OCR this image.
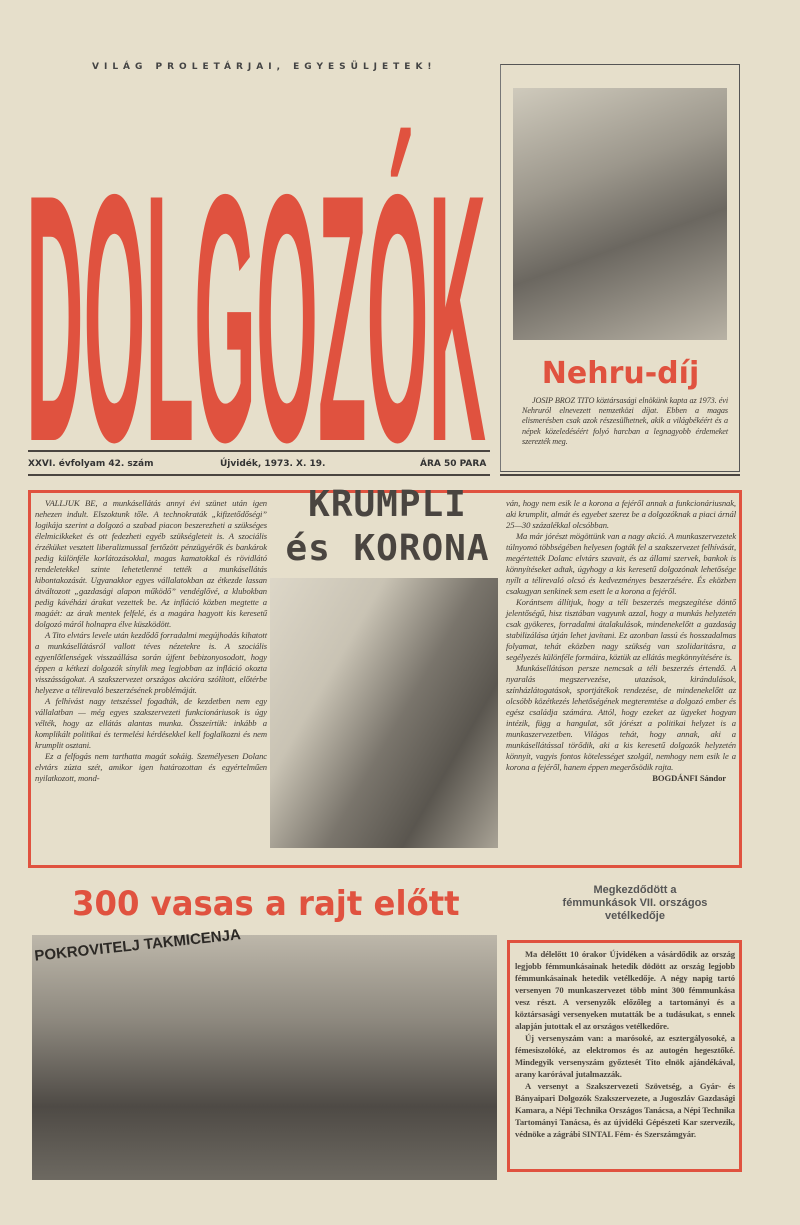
VILÁG PROLETÁRJAI, EGYESÜLJETEK!
DOLGOZÓK
XXVI. évfolyam 42. szám	Újvidék, 1973. X. 19.	ÁRA 50 PARA
Nehru-díj

JOSIP BROZ TITO köztársasági elnökünk kapta az 1973. évi Nehruról elnevezett nemzetközi díjat. Ebben a magas elismerésben csak azok részesülhetnek, akik a világbékéért és a népek közeledéséért folyó harcban a legnagyobb érdemeket szerezték meg.

VALLJUK BE, a munkásellátás annyi évi szünet után igen nehezen indult. Elszoktunk tőle. A technokraták „kifizetődőségi” logikája szerint a dolgozó a szabad piacon beszerezheti a szükséges élelmicikkeket és ott fedezheti egyéb szükségleteit is. A szociális érzéküket vesztett liberalizmussal fertőzött pénzügyérők és bankárok pedig különféle korlátozásokkal, magas kamatokkal és rövidlátó rendeletekkel szinte lehetetlenné tették a munkásellátás kibontakozását. Ugyanakkor egyes vállalatokban az étkezde lassan átváltozott „gazdasági alapon működő” vendéglővé, a klubokban pedig kávéházi árakat vezettek be. Az infláció közben megtette a magáét: az árak mentek felfelé, és a magára hagyott kis keresetű dolgozó máról holnapra élve küszködött.

A Tito elvtárs levele után kezdődő forradalmi megújhodás kihatott a munkásellátásról vallott téves nézetekre is. A szociális egyenlőtlenségek visszaállása során újfent bebizonyosodott, hogy éppen a kétkezi dolgozók sínylik meg legjobban az infláció okozta visszásságokat. A szakszervezet országos akcióra szólított, előtérbe helyezve a télirevaló beszerzésének problémáját.

A felhívást nagy tetszéssel fogadták, de kezdetben nem egy vállalatban — még egyes szakszervezeti funkcionáriusok is úgy vélték, hogy az ellátás alantas munka. Összeírtük: inkább a komplikált politikai és termelési kérdésekkel kell foglalkozni és nem krumplit osztani.

Ez a felfogás nem tarthatta magát sokáig. Személyesen Dolanc elvtárs zúzta szét, amikor igen határozottan és egyértelműen nyilatkozott, mond-

KRUMPLI
és KORONA

ván, hogy nem esik le a korona a fejéről annak a funkcionáriusnak, aki krumplit, almát és egyebet szerez be a dolgozóknak a piaci árnál 25—30 százalékkal olcsóbban.

Ma már jórészt mögöttünk van a nagy akció. A munkaszervezetek túlnyomó többségében helyesen fogták fel a szakszervezet felhívását, megértették Dolanc elvtárs szavait, és az állami szervek, bankok is könnyítéseket adtak, úgyhogy a kis keresetű dolgozónak lehetősége nyílt a télirevaló olcsó és kedvezményes beszerzésére. És eközben csakugyan senkinek sem esett le a korona a fejéről.

Korántsem állítjuk, hogy a téli beszerzés megszegítése döntő jelentőségű, hisz tisztában vagyunk azzal, hogy a munkás helyzetén csak gyökeres, forradalmi átalakulások, mindenekelőtt a gazdaság stabilizálása útján lehet javítani. Ez azonban lassú és hosszadalmas folyamat, tehát eközben nagy szükség van szolidaritásra, a segélyezés különféle formáira, köztük az ellátás megkönnyítésére is.

Munkásellátáson persze nemcsak a téli beszerzés értendő. A nyaralás megszervezése, utazások, kirándulások, színházlátogatások, sportjátékok rendezése, de mindenekelőtt az olcsóbb közétkezés lehetőségének megteremtése a dolgozó ember és egész családja számára. Attól, hogy ezeket az ügyeket hogyan intézik, függ a hangulat, sőt jórészt a politikai helyzet is a munkaszervezetben. Világos tehát, hogy annak, aki a munkásellátással törődik, aki a kis keresetű dolgozók helyzetén könnyít, vagyis fontos kötelességet szolgál, nemhogy nem esik le a korona a fejéről, hanem éppen megerősödik rajta.

BOGDÁNFI Sándor

300 vasas a rajt előtt	Megkezdődött a fémmunkások VII. országos vetélkedője
POKROVITELJ TAKMICENJA	Ma délelőtt 10 órakor Újvidéken a vásárdődik az ország legjobb fémmunkásainak hetedik dödött az ország legjobb fémmunkásainak hetedik vetélkedője. A négy napig tartó versenyen 70 munkaszervezet több mint 300 fémmunkása vesz részt. A versenyzők előzőleg a tartományi és a köztársasági versenyeken mutatták be a tudásukat, s ennek alapján jutottak el az országos vetélkedőre.

Új versenyszám van: a marósoké, az esztergályosoké, a fémesiszolóké, az elektromos és az autogén hegesztőké. Mindegyik versenyszám győztesét Tito elnök ajándékával, arany karórával jutalmazzák.

A versenyt a Szakszervezeti Szövetség, a Gyár- és Bányaipari Dolgozók Szakszervezete, a Jugoszláv Gazdasági Kamara, a Népi Technika Országos Tanácsa, a Népi Technika Tartományi Tanácsa, és az újvidéki Gépészeti Kar szervezik, védnöke a zágrábi SINTAL Fém- és Szerszámgyár.
